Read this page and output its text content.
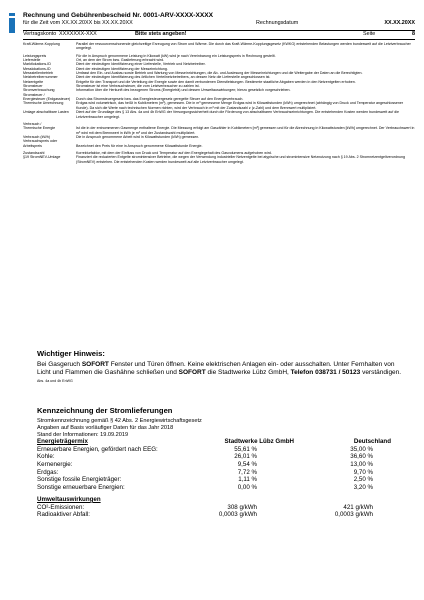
Rechnung und Gebührenbescheid Nr. 0001-ARV-XXXX-XXXX
für die Zeit vom XX.XX.20XX bis XX.XX.20XX	Rechnungsdatum	XX.XX.20XX
Vertragskonto XXXXXXX-XXX	Bitte stets angeben!	Seite	8
Kraft-Wärme-Kopplung	Parallel der ressourcenschonende gleichzeitige Erzeugung von Strom und Wärme. Die durch das Kraft-Wärme-Kopplungsgesetz (KWKG) entstehenden Belastungen werden bundesweit auf die Letztverbraucher umgelegt.
Leistungspreis	Für die in Anspruch genommene Leistung in Kilowatt (kW) wird je nach Vereinbarung ein Leistungspreis in Rechnung gestellt.
Lieferstelle	Ort, an dem der Strom bzw. Gaslieferung erbracht wird.
Marktlokations-ID	Dient der eindeutigen Identifizierung einer Lieferstelle, Vertrieb und Netzbetreiber.
Messlokations-ID	Dient der eindeutigen Identifizierung der Messeinrichtung.
Messstellenbetrieb	Umfasst den Ein- und Ausbau sowie Betrieb und Wartung von Messeinrichtungen, die Ab- und Auslesung der Messeinrichtungen und die Weitergabe der Daten an die Berechtigten.
Netzbetreibernummer	Dient der eindeutigen Identifizierung des örtlichen Verteilnetzbetreibers, an dessen Netz die Lieferstelle angeschlossen ist.
Netzentgelte	Entgelte für den Transport und die Verteilung der Energie sowie den damit verbundenen Dienstleistungen. Bestimmte staatliche Abgaben werden in den Netzentgelten erhoben.
Stromsteuer	Stromsteuer ist eine Verbrauchsteuer, die vom Letztverbraucher zu zahlen ist.
Stromverbrauchung	Information über die Herkunft des bezogenen Stroms (Energieträ) und dessen Umweltauswirkungen; hierzu gesetzlich vorgeschrieben.
Stromsteuer /
Energiesteuer (Erdgassteuer)	Durch das Stromsteuergesetz bzw. das Energiesteuergesetz geregelte Steuer auf den Energieverbrauch.
Thermische Umrechnung	Erdgas wird volumetrisch, das heißt in Kubikmetern (m³), gemessen. Die in m³ gemessene Menge Erdgas wird in Kilowattstunden (kWh) umgerechnet (abhängig von Druck und Temperatur angeschlossener Kunde). Da sich die Werte nach technischen Normen richten, wird der Verbrauch in m³ mit der Zustandszahl z (z-Zahl) und dem Brennwert multipliziert.
Umlage abschaltbare Lasten	Dient auf der Grundlage des § 13 Abs. 4a und 4b EnWG der Versorgungssicherheit durch die Förderung von abschaltbaren Verbrauchseinrichtungen. Die entstehenden Kosten werden bundesweit auf die Letztverbraucher umgelegt.
Verbrauch /
Thermische Energie	Ist die in der entnommenen Gasmenge enthaltene Energie. Die Messung erfolgt am Gaszähler in Kubikmetern [m³] gemessen und für die Abrechnung in Kilowattstunden [kWh] umgerechnet. Der Verbrauchswert in m³ wird mit dem Brennwert in kWh je m³ und der Zustandszahl multipliziert.
Verbrauch (kWh)	Die in Anspruch genommene Arbeit wird in Kilowattstunden (kWh) gemessen.
Verbrauchspreis oder
Arbeitspreis	Bezeichnet den Preis für eine in Anspruch genommene Kilowattstunde Energie.
Zustandszahl	Korrekturfaktor, mit dem der Einfluss von Druck und Temperatur auf den Energiegehalt des Gasvolumens aufgehoben wird.
§19 StromNEV-Umlage	Finanziert die reduzierten Entgelte stromintensiver Betriebe, die wegen der Verwendung industrieller Netzentgelte bei atypische und stromintensive Netznutzung nach § 19 Abs. 2 Stromnetzentgeltverordnung (StromNEV) entstehen. Die entstehenden Kosten werden bundesweit auf alle Letztverbraucher umgelegt.
Wichtiger Hinweis:
Bei Gasgeruch SOFORT Fenster und Türen öffnen. Keine elektrischen Anlagen ein- oder ausschalten. Unter Fernhalten von Licht und Flammen die Gashähne schließen und SOFORT die Stadtwerke Lübz GmbH, Telefon 038731 / 50123 verständigen.
Abs. 4a und 4b EnWG
Kennzeichnung der Stromlieferungen
Stromkennzeichnung gemäß § 42 Abs. 2 Energiewirtschaftsgesetz
Angaben auf Basis vorläufiger Daten für das Jahr 2018
Stand der Informationen: 19.09.2019
Energieträgermix	Stadtwerke Lübz GmbH	Deutschland
Erneuerbare Energien, gefördert nach EEG:	55,61 %	35,00 %
Kohle:	26,01 %	36,60 %
Kernenergie:	9,54 %	13,00 %
Erdgas:	7,72 %	9,70 %
Sonstige fossile Energieträger:	1,11 %	2,50 %
Sonstige erneuerbare Energien:	0,00 %	3,20 %
Umweltauswirkungen
CO²-Emissionen:	308 g/kWh	421 g/kWh
Radioaktiver Abfall:	0,0003 g/kWh	0,0003 g/kWh
